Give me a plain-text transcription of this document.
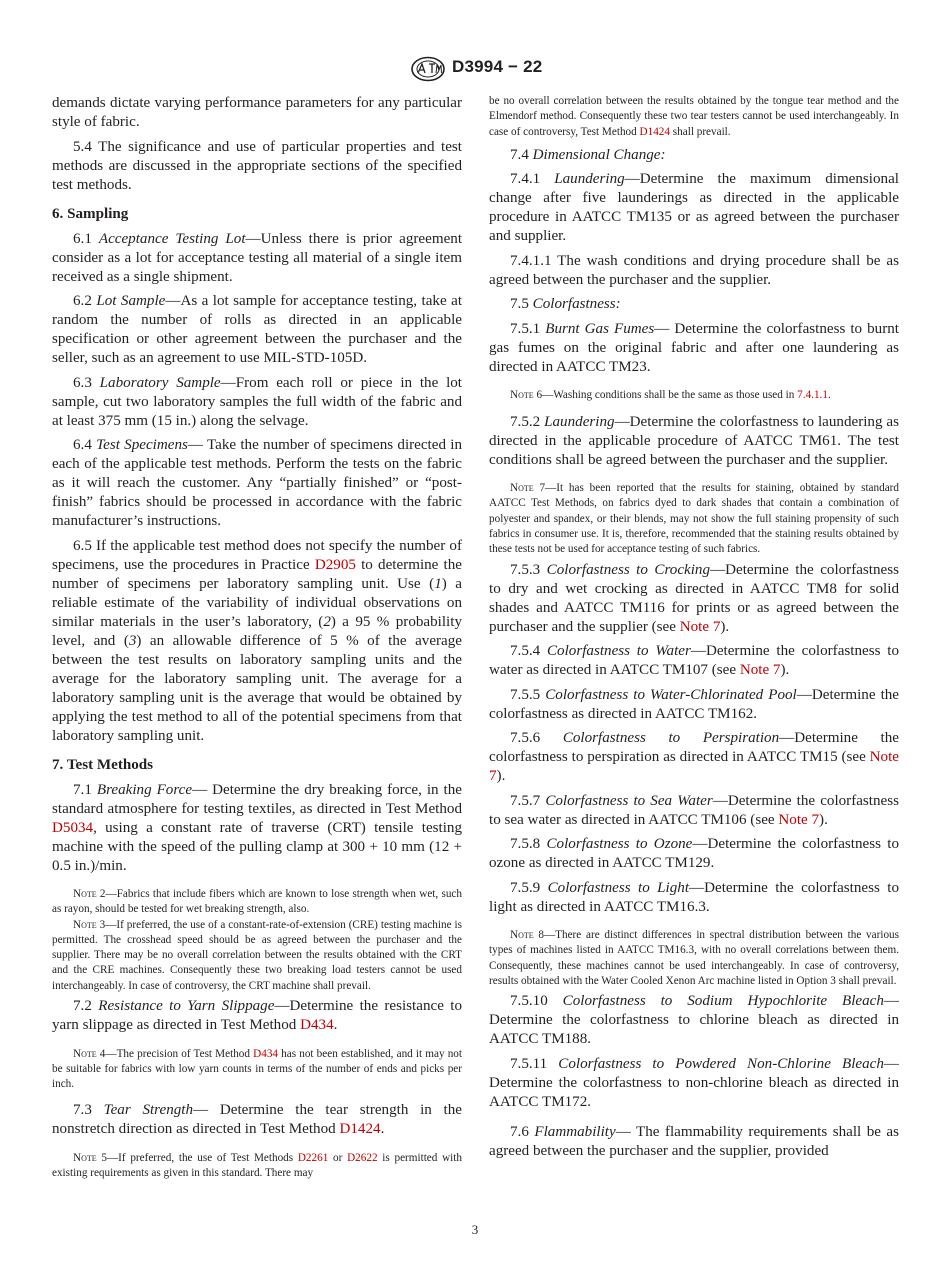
D3994 − 22

demands dictate varying performance parameters for any particular style of fabric.

5.4 The significance and use of particular properties and test methods are discussed in the appropriate sections of the specified test methods.

6. Sampling

6.1 Acceptance Testing Lot—Unless there is prior agreement consider as a lot for acceptance testing all material of a single item received as a single shipment.

6.2 Lot Sample—As a lot sample for acceptance testing, take at random the number of rolls as directed in an applicable specification or other agreement between the purchaser and the seller, such as an agreement to use MIL-STD-105D.

6.3 Laboratory Sample—From each roll or piece in the lot sample, cut two laboratory samples the full width of the fabric and at least 375 mm (15 in.) along the selvage.

6.4 Test Specimens— Take the number of specimens directed in each of the applicable test methods. Perform the tests on the fabric as it will reach the customer. Any “partially finished” or “post-finish” fabrics should be processed in accordance with the fabric manufacturer’s instructions.

6.5 If the applicable test method does not specify the number of specimens, use the procedures in Practice D2905 to determine the number of specimens per laboratory sampling unit. Use (1) a reliable estimate of the variability of individual observations on similar materials in the user’s laboratory, (2) a 95 % probability level, and (3) an allowable difference of 5 % of the average between the test results on laboratory sampling units and the average for the laboratory sampling unit. The average for a laboratory sampling unit is the average that would be obtained by applying the test method to all of the potential specimens from that laboratory sampling unit.

7. Test Methods

7.1 Breaking Force— Determine the dry breaking force, in the standard atmosphere for testing textiles, as directed in Test Method D5034, using a constant rate of traverse (CRT) tensile testing machine with the speed of the pulling clamp at 300 + 10 mm (12 + 0.5 in.)/min.

Note 2—Fabrics that include fibers which are known to lose strength when wet, such as rayon, should be tested for wet breaking strength, also.

Note 3—If preferred, the use of a constant-rate-of-extension (CRE) testing machine is permitted. The crosshead speed should be as agreed between the purchaser and the supplier. There may be no overall correlation between the results obtained with the CRT and the CRE machines. Consequently these two breaking load testers cannot be used interchangeably. In case of controversy, the CRT machine shall prevail.

7.2 Resistance to Yarn Slippage—Determine the resistance to yarn slippage as directed in Test Method D434.

Note 4—The precision of Test Method D434 has not been established, and it may not be suitable for fabrics with low yarn counts in terms of the number of ends and picks per inch.

7.3 Tear Strength— Determine the tear strength in the nonstretch direction as directed in Test Method D1424.

Note 5—If preferred, the use of Test Methods D2261 or D2622 is permitted with existing requirements as given in this standard. There may

be no overall correlation between the results obtained by the tongue tear method and the Elmendorf method. Consequently these two tear testers cannot be used interchangeably. In case of controversy, Test Method D1424 shall prevail.

7.4 Dimensional Change:

7.4.1 Laundering—Determine the maximum dimensional change after five launderings as directed in the applicable procedure in AATCC TM135 or as agreed between the purchaser and supplier.

7.4.1.1 The wash conditions and drying procedure shall be as agreed between the purchaser and the supplier.

7.5 Colorfastness:

7.5.1 Burnt Gas Fumes— Determine the colorfastness to burnt gas fumes on the original fabric and after one laundering as directed in AATCC TM23.

Note 6—Washing conditions shall be the same as those used in 7.4.1.1.

7.5.2 Laundering—Determine the colorfastness to laundering as directed in the applicable procedure of AATCC TM61. The test conditions shall be agreed between the purchaser and the supplier.

Note 7—It has been reported that the results for staining, obtained by standard AATCC Test Methods, on fabrics dyed to dark shades that contain a combination of polyester and spandex, or their blends, may not show the full staining propensity of such fabrics in consumer use. It is, therefore, recommended that the staining results obtained by these tests not be used for acceptance testing of such fabrics.

7.5.3 Colorfastness to Crocking—Determine the colorfastness to dry and wet crocking as directed in AATCC TM8 for solid shades and AATCC TM116 for prints or as agreed between the purchaser and the supplier (see Note 7).

7.5.4 Colorfastness to Water—Determine the colorfastness to water as directed in AATCC TM107 (see Note 7).

7.5.5 Colorfastness to Water-Chlorinated Pool—Determine the colorfastness as directed in AATCC TM162.

7.5.6 Colorfastness to Perspiration—Determine the colorfastness to perspiration as directed in AATCC TM15 (see Note 7).

7.5.7 Colorfastness to Sea Water—Determine the colorfastness to sea water as directed in AATCC TM106 (see Note 7).

7.5.8 Colorfastness to Ozone—Determine the colorfastness to ozone as directed in AATCC TM129.

7.5.9 Colorfastness to Light—Determine the colorfastness to light as directed in AATCC TM16.3.

Note 8—There are distinct differences in spectral distribution between the various types of machines listed in AATCC TM16.3, with no overall correlations between them. Consequently, these machines cannot be used interchangeably. In case of controversy, results obtained with the Water Cooled Xenon Arc machine listed in Option 3 shall prevail.

7.5.10 Colorfastness to Sodium Hypochlorite Bleach—Determine the colorfastness to chlorine bleach as directed in AATCC TM188.

7.5.11 Colorfastness to Powdered Non-Chlorine Bleach—Determine the colorfastness to non-chlorine bleach as directed in AATCC TM172.

7.6 Flammability— The flammability requirements shall be as agreed between the purchaser and the supplier, provided

3
